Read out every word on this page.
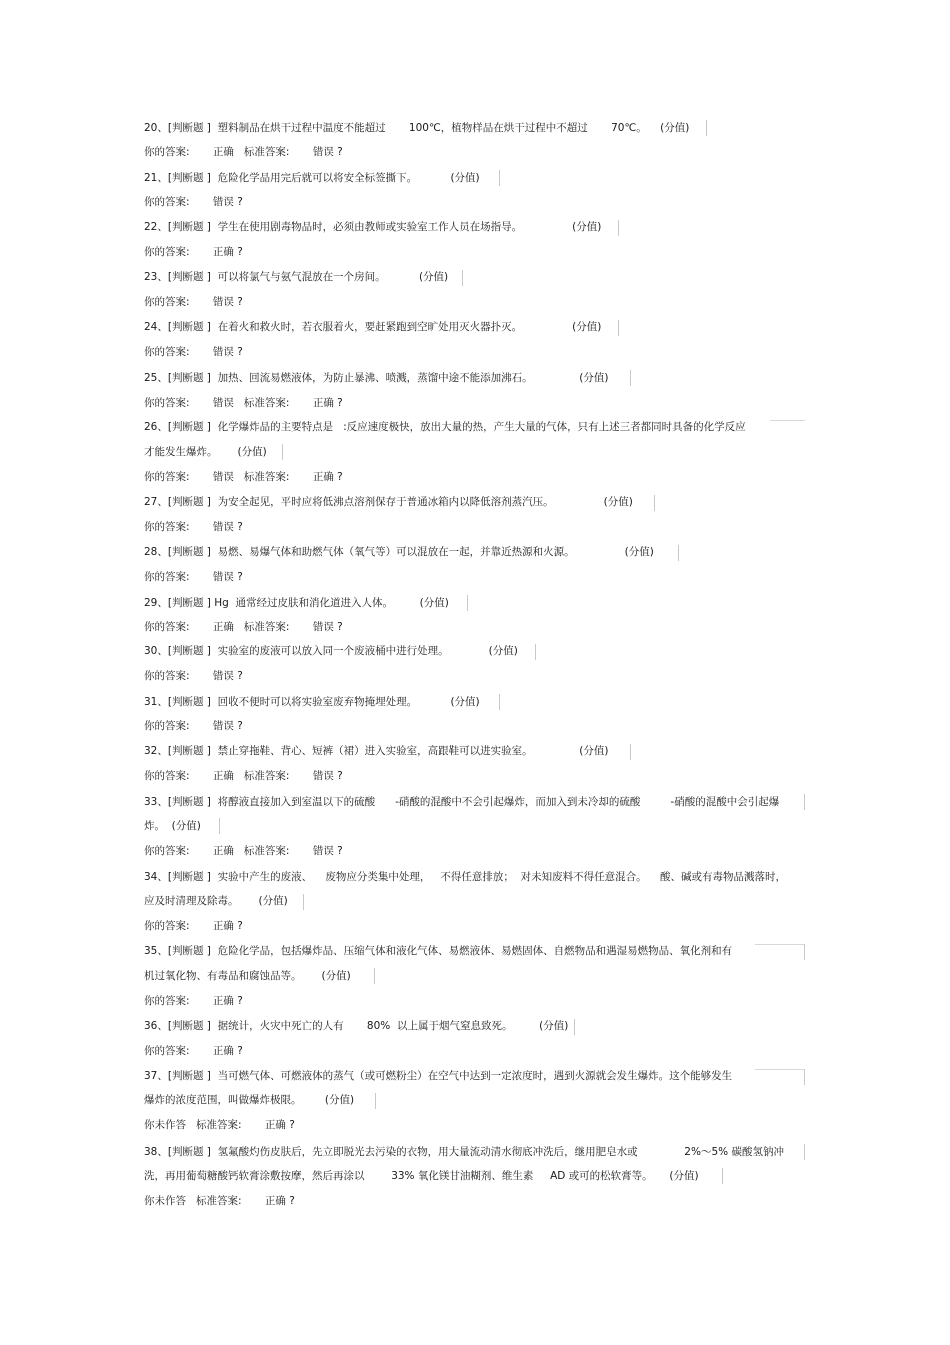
20、[判断题 ]  塑料制品在烘干过程中温度不能超过       100℃，植物样品在烘干过程中不超过       70℃。    (分值)
你的答案:       正确   标准答案:       错误 ?
21、[判断题 ]  危险化学品用完后就可以将安全标签撕下。          (分值)
你的答案:       错误 ?
22、[判断题 ]  学生在使用剧毒物品时，必须由教师或实验室工作人员在场指导。               (分值)
你的答案:       正确 ?
23、[判断题 ]  可以将氯气与氨气混放在一个房间。          (分值)
你的答案:       错误 ?
24、[判断题 ]  在着火和救火时，若衣服着火，要赶紧跑到空旷处用灭火器扑灭。               (分值)
你的答案:       错误 ?
25、[判断题 ]  加热、回流易燃液体，为防止暴沸、喷溅，蒸馏中途不能添加沸石。              (分值)
你的答案:       错误   标准答案:       正确 ?
26、[判断题 ]  化学爆炸品的主要特点是   :反应速度极快，放出大量的热，产生大量的气体，只有上述三者都同时具备的化学反应
才能发生爆炸。      (分值)
你的答案:       错误   标准答案:       正确 ?
27、[判断题 ]  为安全起见，平时应将低沸点溶剂保存于普通冰箱内以降低溶剂蒸汽压。               (分值)
你的答案:       错误 ?
28、[判断题 ]  易燃、易爆气体和助燃气体（氧气等）可以混放在一起，并靠近热源和火源。               (分值)
你的答案:       错误 ?
29、[判断题 ] Hg  通常经过皮肤和消化道进入人体。        (分值)
你的答案:       正确   标准答案:       错误 ?
30、[判断题 ]  实验室的废液可以放入同一个废液桶中进行处理。            (分值)
你的答案:       错误 ?
31、[判断题 ]  回收不便时可以将实验室废弃物掩埋处理。          (分值)
你的答案:       错误 ?
32、[判断题 ]  禁止穿拖鞋、背心、短裤（裙）进入实验室，高跟鞋可以进实验室。              (分值)
你的答案:       正确   标准答案:       错误 ?
33、[判断题 ]  将醇液直接加入到室温以下的硫酸      -硝酸的混酸中不会引起爆炸，而加入到未冷却的硫酸         -硝酸的混酸中会引起爆
炸。  (分值)
你的答案:       正确   标准答案:       错误 ?
34、[判断题 ]  实验中产生的废液、    废物应分类集中处理，   不得任意排放；  对未知废料不得任意混合。    酸、碱或有毒物品溅落时，
应及时清理及除毒。      (分值)
你的答案:       正确 ?
35、[判断题 ]  危险化学品，包括爆炸品、压缩气体和液化气体、易燃液体、易燃固体、自燃物品和遇湿易燃物品、氧化剂和有
机过氧化物、有毒品和腐蚀品等。      (分值)
你的答案:       正确 ?
36、[判断题 ]  据统计，火灾中死亡的人有       80%  以上属于烟气窒息致死。        (分值)
你的答案:       正确 ?
37、[判断题 ]  当可燃气体、可燃液体的蒸气（或可燃粉尘）在空气中达到一定浓度时，遇到火源就会发生爆炸。这个能够发生
爆炸的浓度范围，叫做爆炸极限。       (分值)
你未作答   标准答案:       正确 ?
38、[判断题 ]  氢氟酸灼伤皮肤后，先立即脱光去污染的衣物，用大量流动清水彻底冲洗后，继用肥皂水或              2%～5% 碳酸氢钠冲
洗，再用葡萄糖酸钙软膏涂敷按摩，然后再涂以        33% 氧化镁甘油糊剂、维生素     AD 或可的松软膏等。     (分值)
你未作答   标准答案:       正确 ?
